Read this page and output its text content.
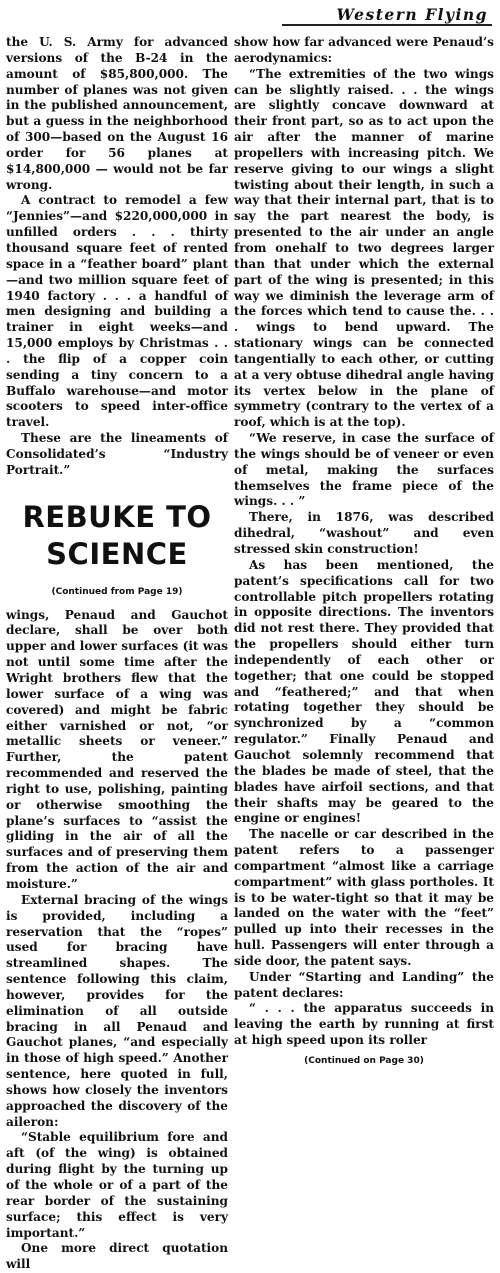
Western Flying

the U. S. Army for advanced versions of the B-24 in the amount of $85,800,000. The number of planes was not given in the published announcement, but a guess in the neighborhood of 300—based on the August 16 order for 56 planes at $14,800,000 — would not be far wrong.

A contract to remodel a few “Jennies”—and $220,000,000 in unfilled orders . . . thirty thousand square feet of rented space in a “feather board” plant—and two million square feet of 1940 factory . . . a handful of men designing and building a trainer in eight weeks—and 15,000 employs by Christmas . . . the flip of a copper coin sending a tiny concern to a Buffalo warehouse—and motor scooters to speed inter-office travel.

These are the lineaments of Consolidated’s “Industry Portrait.”

REBUKE TO SCIENCE
(Continued from Page 19)

wings, Penaud and Gauchot declare, shall be over both upper and lower surfaces (it was not until some time after the Wright brothers flew that the lower surface of a wing was covered) and might be fabric either varnished or not, “or metallic sheets or veneer.” Further, the patent recommended and reserved the right to use, polishing, painting or otherwise smoothing the plane’s surfaces to “assist the gliding in the air of all the surfaces and of preserving them from the action of the air and moisture.”

External bracing of the wings is provided, including a reservation that the “ropes” used for bracing have streamlined shapes. The sentence following this claim, however, provides for the elimination of all outside bracing in all Penaud and Gauchot planes, “and especially in those of high speed.” Another sentence, here quoted in full, shows how closely the inventors approached the discovery of the aileron:

“Stable equilibrium fore and aft (of the wing) is obtained during flight by the turning up of the whole or of a part of the rear border of the sustaining surface; this effect is very important.”

One more direct quotation will

show how far advanced were Penaud’s aerodynamics:

“The extremities of the two wings can be slightly raised. . . the wings are slightly concave downward at their front part, so as to act upon the air after the manner of marine propellers with increasing pitch. We reserve giving to our wings a slight twisting about their length, in such a way that their internal part, that is to say the part nearest the body, is presented to the air under an angle from onehalf to two degrees larger than that under which the external part of the wing is presented; in this way we diminish the leverage arm of the forces which tend to cause the. . . . wings to bend upward. The stationary wings can be connected tangentially to each other, or cutting at a very obtuse dihedral angle having its vertex below in the plane of symmetry (contrary to the vertex of a roof, which is at the top).

“We reserve, in case the surface of the wings should be of veneer or even of metal, making the surfaces themselves the frame piece of the wings. . . ”

There, in 1876, was described dihedral, “washout” and even stressed skin construction!

As has been mentioned, the patent’s specifications call for two controllable pitch propellers rotating in opposite directions. The inventors did not rest there. They provided that the propellers should either turn independently of each other or together; that one could be stopped and “feathered;” and that when rotating together they should be synchronized by a “common regulator.” Finally Penaud and Gauchot solemnly recommend that the blades be made of steel, that the blades have airfoil sections, and that their shafts may be geared to the engine or engines!

The nacelle or car described in the patent refers to a passenger compartment “almost like a carriage compartment” with glass portholes. It is to be water-tight so that it may be landed on the water with the “feet” pulled up into their recesses in the hull. Passengers will enter through a side door, the patent says.

Under “Starting and Landing” the patent declares:

“ . . . the apparatus succeeds in leaving the earth by running at first at high speed upon its roller

(Continued on Page 30)
